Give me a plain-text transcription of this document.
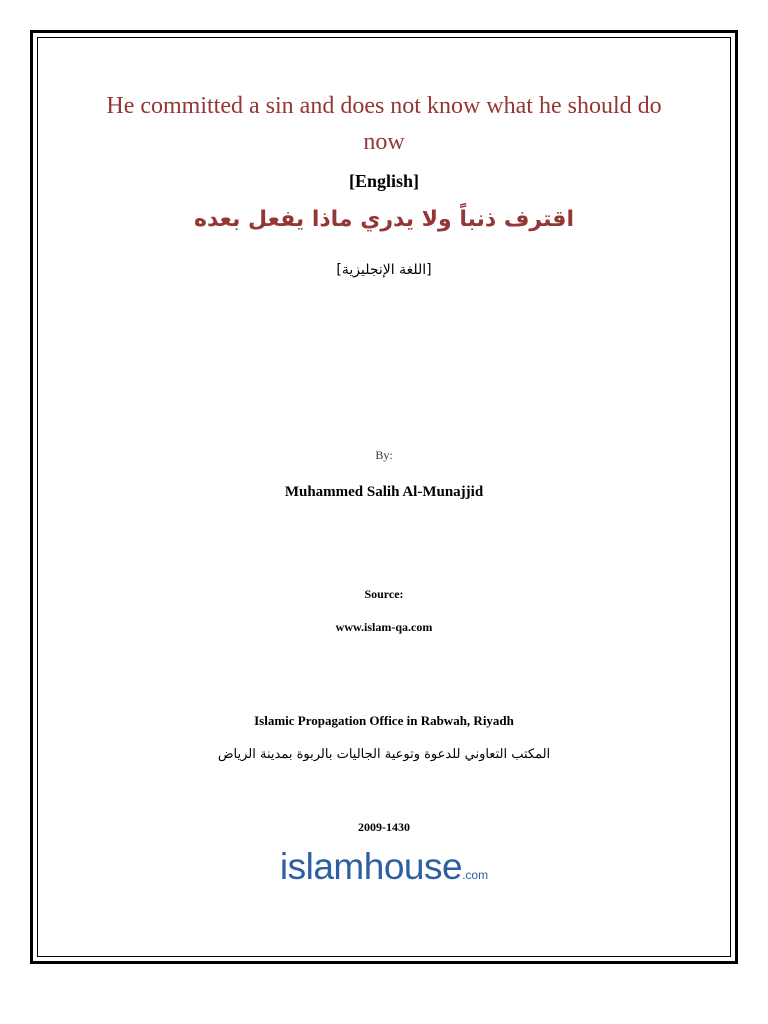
He committed a sin and does not know what he should do now
[English]
اقترف ذنباً ولا يدري ماذا يفعل بعده
[اللغة الإنجليزية]
By:
Muhammed Salih Al-Munajjid
Source:
www.islam-qa.com
Islamic Propagation Office in Rabwah, Riyadh
المكتب التعاوني للدعوة وتوعية الجاليات بالربوة بمدينة الرياض
2009-1430
islamhouse.com
